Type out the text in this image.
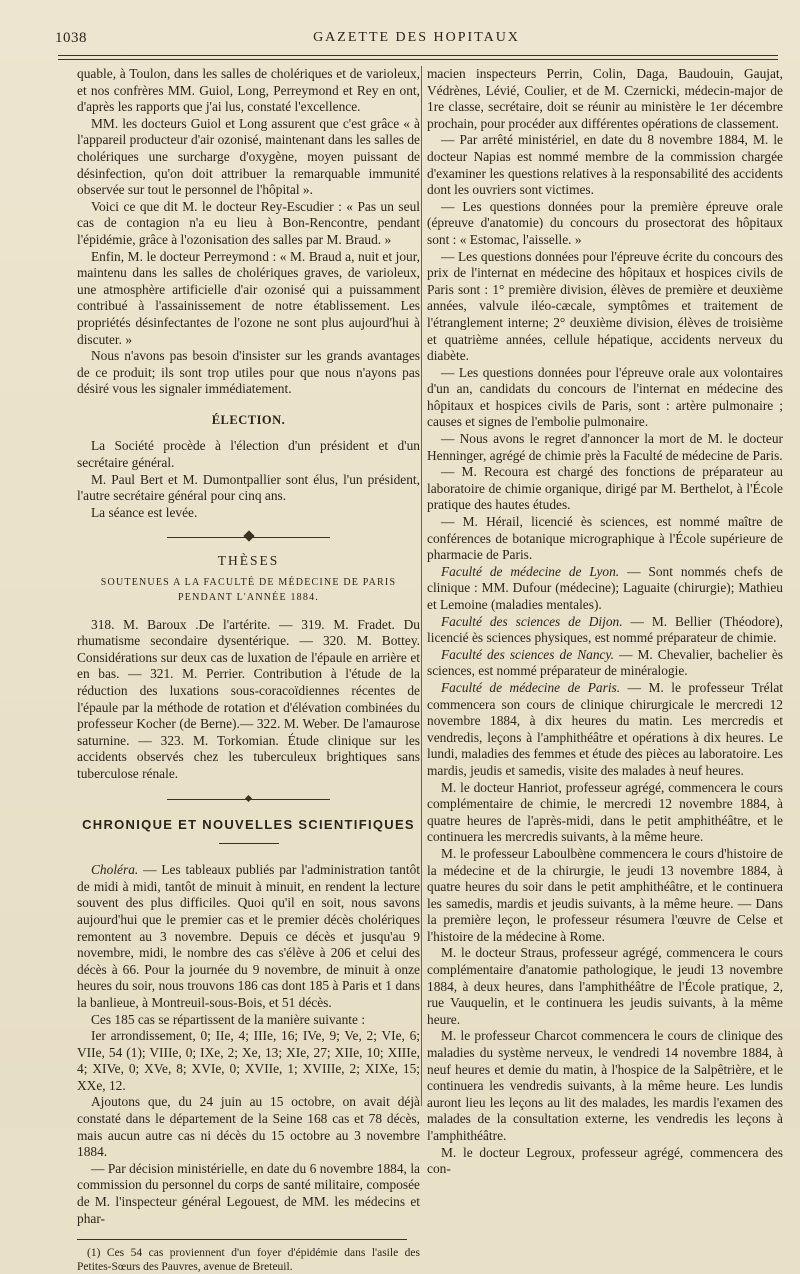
1038	GAZETTE DES HOPITAUX

quable, à Toulon, dans les salles de cholériques et de varioleux, et nos confrères MM. Guiol, Long, Perreymond et Rey en ont, d'après les rapports que j'ai lus, constaté l'excellence.

MM. les docteurs Guiol et Long assurent que c'est grâce « à l'appareil producteur d'air ozonisé, maintenant dans les salles de cholériques une surcharge d'oxygène, moyen puissant de désinfection, qu'on doit attribuer la remarquable immunité observée sur tout le personnel de l'hôpital ».

Voici ce que dit M. le docteur Rey-Escudier : « Pas un seul cas de contagion n'a eu lieu à Bon-Rencontre, pendant l'épidémie, grâce à l'ozonisation des salles par M. Braud. »

Enfin, M. le docteur Perreymond : « M. Braud a, nuit et jour, maintenu dans les salles de cholériques graves, de varioleux, une atmosphère artificielle d'air ozonisé qui a puissamment contribué à l'assainissement de notre établissement. Les propriétés désinfectantes de l'ozone ne sont plus aujourd'hui à discuter. »

Nous n'avons pas besoin d'insister sur les grands avantages de ce produit; ils sont trop utiles pour que nous n'ayons pas désiré vous les signaler immédiatement.

ÉLECTION.

La Société procède à l'élection d'un président et d'un secrétaire général.

M. Paul Bert et M. Dumontpallier sont élus, l'un président, l'autre secrétaire général pour cinq ans.

La séance est levée.

THÈSES
SOUTENUES A LA FACULTÉ DE MÉDECINE DE PARIS
PENDANT L'ANNÉE 1884.

318. M. Baroux .De l'artérite. — 319. M. Fradet. Du rhumatisme secondaire dysentérique. — 320. M. Bottey. Considérations sur deux cas de luxation de l'épaule en arrière et en bas. — 321. M. Perrier. Contribution à l'étude de la réduction des luxations sous-coracoïdiennes récentes de l'épaule par la méthode de rotation et d'élévation combinées du professeur Kocher (de Berne).— 322. M. Weber. De l'amaurose saturnine. — 323. M. Torkomian. Étude clinique sur les accidents observés chez les tuberculeux brightiques sans tuberculose rénale.

CHRONIQUE ET NOUVELLES SCIENTIFIQUES

Choléra. — Les tableaux publiés par l'administration tantôt de midi à midi, tantôt de minuit à minuit, en rendent la lecture souvent des plus difficiles. Quoi qu'il en soit, nous savons aujourd'hui que le premier cas et le premier décès cholériques remontent au 3 novembre. Depuis ce décès et jusqu'au 9 novembre, midi, le nombre des cas s'élève à 206 et celui des décès à 66. Pour la journée du 9 novembre, de minuit à onze heures du soir, nous trouvons 186 cas dont 185 à Paris et 1 dans la banlieue, à Montreuil-sous-Bois, et 51 décès.

Ces 185 cas se répartissent de la manière suivante :

Ier arrondissement, 0; IIe, 4; IIIe, 16; IVe, 9; Ve, 2; VIe, 6; VIIe, 54 (1); VIIIe, 0; IXe, 2; Xe, 13; XIe, 27; XIIe, 10; XIIIe, 4; XIVe, 0; XVe, 8; XVIe, 0; XVIIe, 1; XVIIIe, 2; XIXe, 15; XXe, 12.

Ajoutons que, du 24 juin au 15 octobre, on avait déjà constaté dans le département de la Seine 168 cas et 78 décès, mais aucun autre cas ni décès du 15 octobre au 3 novembre 1884.

— Par décision ministérielle, en date du 6 novembre 1884, la commission du personnel du corps de santé militaire, composée de M. l'inspecteur général Legouest, de MM. les médecins et phar-

(1) Ces 54 cas proviennent d'un foyer d'épidémie dans l'asile des Petites-Sœurs des Pauvres, avenue de Breteuil.

macien inspecteurs Perrin, Colin, Daga, Baudouin, Gaujat, Védrènes, Lévié, Coulier, et de M. Czernicki, médecin-major de 1re classe, secrétaire, doit se réunir au ministère le 1er décembre prochain, pour procéder aux différentes opérations de classement.

— Par arrêté ministériel, en date du 8 novembre 1884, M. le docteur Napias est nommé membre de la commission chargée d'examiner les questions relatives à la responsabilité des accidents dont les ouvriers sont victimes.

— Les questions données pour la première épreuve orale (épreuve d'anatomie) du concours du prosectorat des hôpitaux sont : « Estomac, l'aisselle. »

— Les questions données pour l'épreuve écrite du concours des prix de l'internat en médecine des hôpitaux et hospices civils de Paris sont : 1° première division, élèves de première et deuxième années, valvule iléo-cæcale, symptômes et traitement de l'étranglement interne; 2° deuxième division, élèves de troisième et quatrième années, cellule hépatique, accidents nerveux du diabète.

— Les questions données pour l'épreuve orale aux volontaires d'un an, candidats du concours de l'internat en médecine des hôpitaux et hospices civils de Paris, sont : artère pulmonaire ; causes et signes de l'embolie pulmonaire.

— Nous avons le regret d'annoncer la mort de M. le docteur Henninger, agrégé de chimie près la Faculté de médecine de Paris.

— M. Recoura est chargé des fonctions de préparateur au laboratoire de chimie organique, dirigé par M. Berthelot, à l'École pratique des hautes études.

— M. Hérail, licencié ès sciences, est nommé maître de conférences de botanique micrographique à l'École supérieure de pharmacie de Paris.

Faculté de médecine de Lyon. — Sont nommés chefs de clinique : MM. Dufour (médecine); Laguaite (chirurgie); Mathieu et Lemoine (maladies mentales).

Faculté des sciences de Dijon. — M. Bellier (Théodore), licencié ès sciences physiques, est nommé préparateur de chimie.

Faculté des sciences de Nancy. — M. Chevalier, bachelier ès sciences, est nommé préparateur de minéralogie.

Faculté de médecine de Paris. — M. le professeur Trélat commencera son cours de clinique chirurgicale le mercredi 12 novembre 1884, à dix heures du matin. Les mercredis et vendredis, leçons à l'amphithéâtre et opérations à dix heures. Le lundi, maladies des femmes et étude des pièces au laboratoire. Les mardis, jeudis et samedis, visite des malades à neuf heures.

M. le docteur Hanriot, professeur agrégé, commencera le cours complémentaire de chimie, le mercredi 12 novembre 1884, à quatre heures de l'après-midi, dans le petit amphithéâtre, et le continuera les mercredis suivants, à la même heure.

M. le professeur Laboulbène commencera le cours d'histoire de la médecine et de la chirurgie, le jeudi 13 novembre 1884, à quatre heures du soir dans le petit amphithéâtre, et le continuera les samedis, mardis et jeudis suivants, à la même heure. — Dans la première leçon, le professeur résumera l'œuvre de Celse et l'histoire de la médecine à Rome.

M. le docteur Straus, professeur agrégé, commencera le cours complémentaire d'anatomie pathologique, le jeudi 13 novembre 1884, à deux heures, dans l'amphithéâtre de l'École pratique, 2, rue Vauquelin, et le continuera les jeudis suivants, à la même heure.

M. le professeur Charcot commencera le cours de clinique des maladies du système nerveux, le vendredi 14 novembre 1884, à neuf heures et demie du matin, à l'hospice de la Salpêtrière, et le continuera les vendredis suivants, à la même heure. Les lundis auront lieu les leçons au lit des malades, les mardis l'examen des malades de la consultation externe, les vendredis les leçons à l'amphithéâtre.

M. le docteur Legroux, professeur agrégé, commencera des con-
